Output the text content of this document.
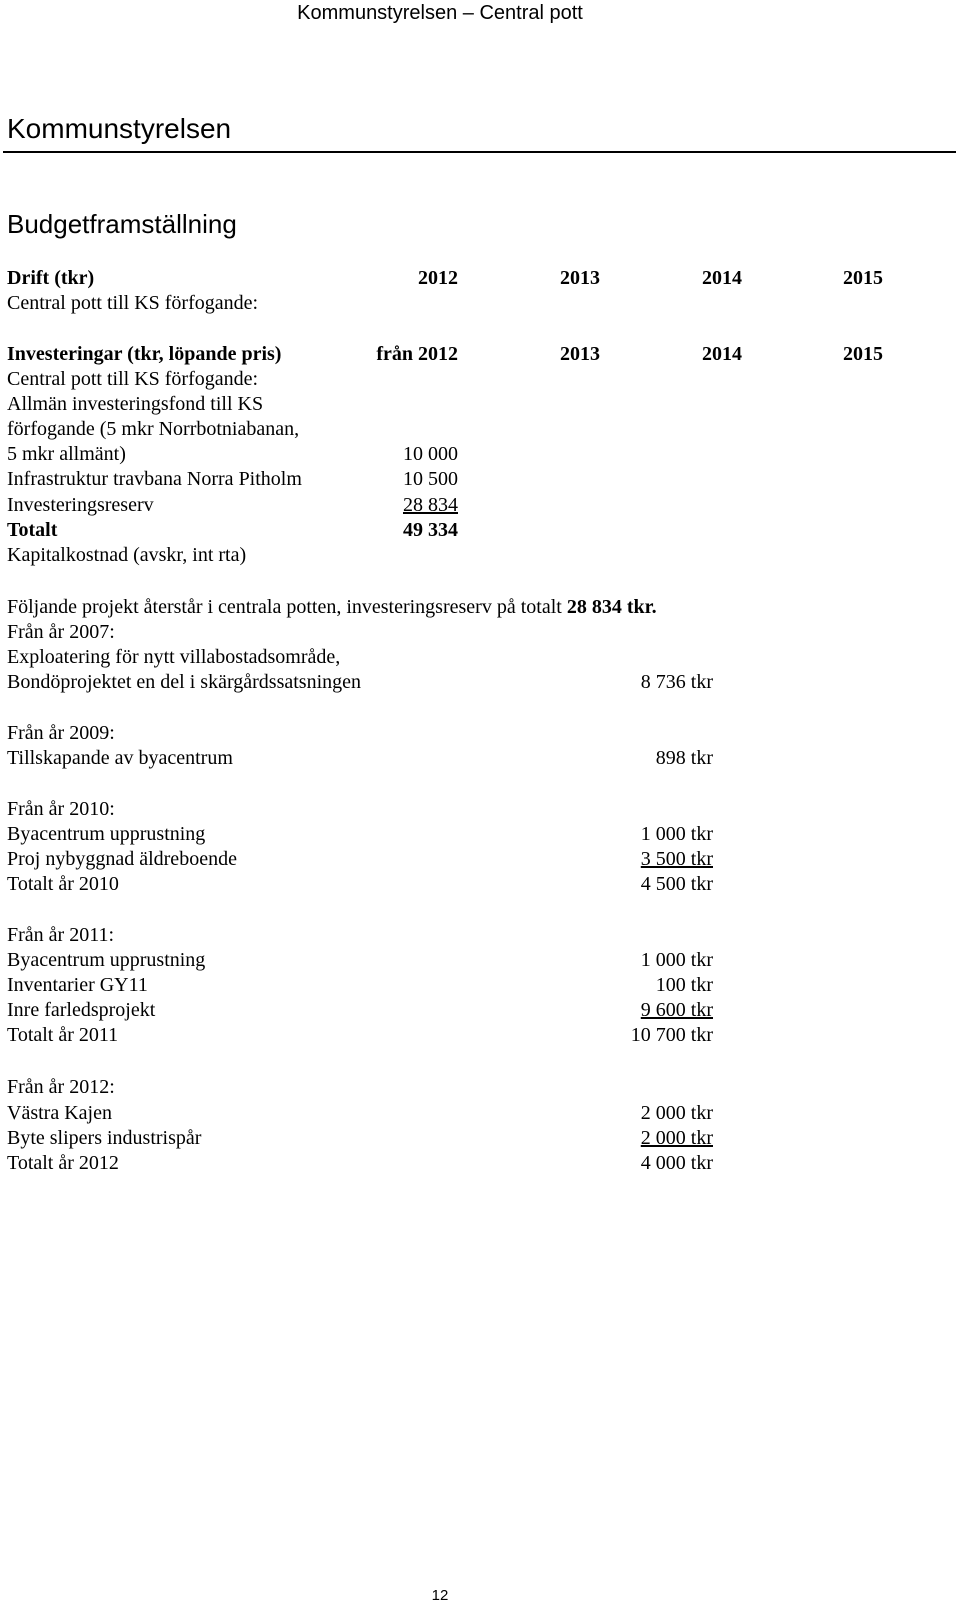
Kommunstyrelsen – Central pott
Kommunstyrelsen
Budgetframställning
Drift (tkr)	2012	2013	2014	2015
Central pott till KS förfogande:
Investeringar (tkr, löpande pris)	från 2012	2013	2014	2015
Central pott till KS förfogande:
Allmän investeringsfond till KS
förfogande (5 mkr Norrbotniabanan,
5 mkr allmänt)	10 000
Infrastruktur travbana Norra Pitholm	10 500
Investeringsreserv	28 834
Totalt	49 334
Kapitalkostnad (avskr, int rta)
Följande projekt återstår i centrala potten, investeringsreserv på totalt 28 834 tkr.
Från år 2007:
Exploatering för nytt villabostadsområde,
Bondöprojektet en del i skärgårdssatsningen	8 736 tkr
Från år 2009:
Tillskapande av byacentrum	898 tkr
Från år 2010:
Byacentrum upprustning	1 000 tkr
Proj nybyggnad äldreboende	3 500 tkr
Totalt år 2010	4 500 tkr
Från år 2011:
Byacentrum upprustning	1 000 tkr
Inventarier GY11	100 tkr
Inre farledsprojekt	9 600 tkr
Totalt år 2011	10 700 tkr
Från år 2012:
Västra Kajen	2 000 tkr
Byte slipers industrispår	2 000 tkr
Totalt år 2012	4 000 tkr
12
